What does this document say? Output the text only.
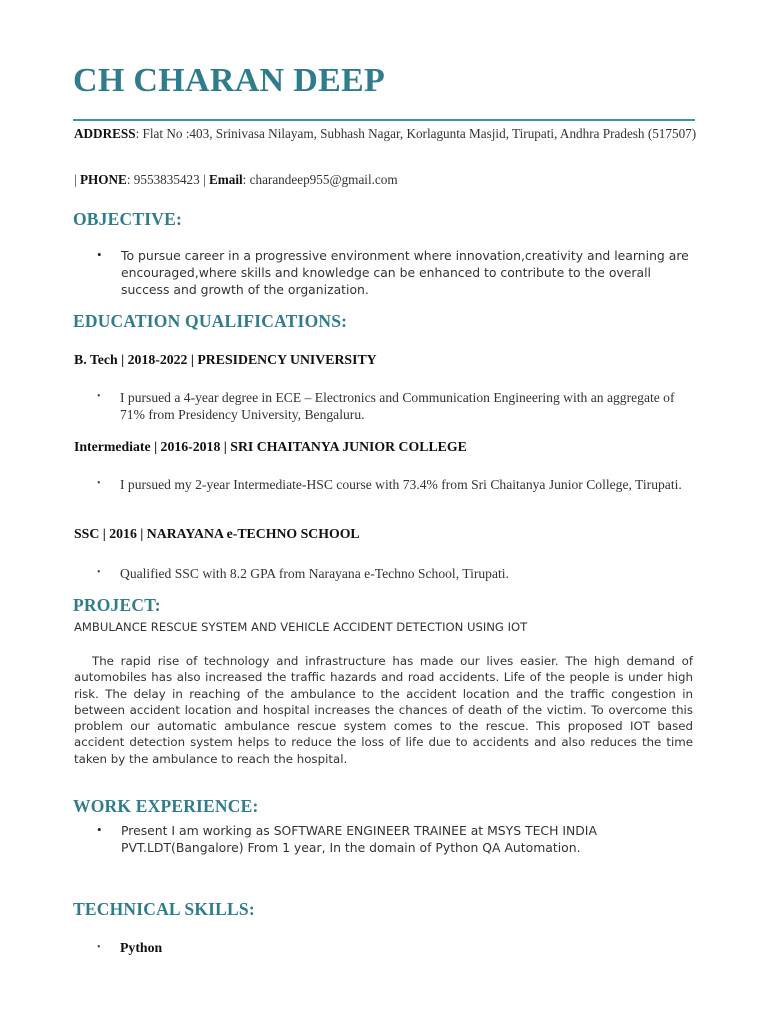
CH CHARAN DEEP
ADDRESS: Flat No :403, Srinivasa Nilayam, Subhash Nagar, Korlagunta Masjid, Tirupati, Andhra Pradesh (517507)
| PHONE: 9553835423 | Email: charandeep955@gmail.com
OBJECTIVE:
• To pursue career in a progressive environment where innovation,creativity and learning are encouraged,where skills and knowledge can be enhanced to contribute to the overall success and growth of the organization.
EDUCATION QUALIFICATIONS:
B. Tech | 2018-2022 | PRESIDENCY UNIVERSITY
• I pursued a 4-year degree in ECE – Electronics and Communication Engineering with an aggregate of 71% from Presidency University, Bengaluru.
Intermediate | 2016-2018 | SRI CHAITANYA JUNIOR COLLEGE
• I pursued my 2-year Intermediate-HSC course with 73.4% from Sri Chaitanya Junior College, Tirupati.
SSC | 2016 | NARAYANA e-TECHNO SCHOOL
• Qualified SSC with 8.2 GPA from Narayana e-Techno School, Tirupati.
PROJECT:
AMBULANCE RESCUE SYSTEM AND VEHICLE ACCIDENT DETECTION USING IOT

The rapid rise of technology and infrastructure has made our lives easier. The high demand of automobiles has also increased the traffic hazards and road accidents. Life of the people is under high risk. The delay in reaching of the ambulance to the accident location and the traffic congestion in between accident location and hospital increases the chances of death of the victim. To overcome this problem our automatic ambulance rescue system comes to the rescue. This proposed IOT based accident detection system helps to reduce the loss of life due to accidents and also reduces the time taken by the ambulance to reach the hospital.

WORK EXPERIENCE:
• Present I am working as SOFTWARE ENGINEER TRAINEE at MSYS TECH INDIA PVT.LDT(Bangalore) From 1 year, In the domain of Python QA Automation.
TECHNICAL SKILLS:
• Python
